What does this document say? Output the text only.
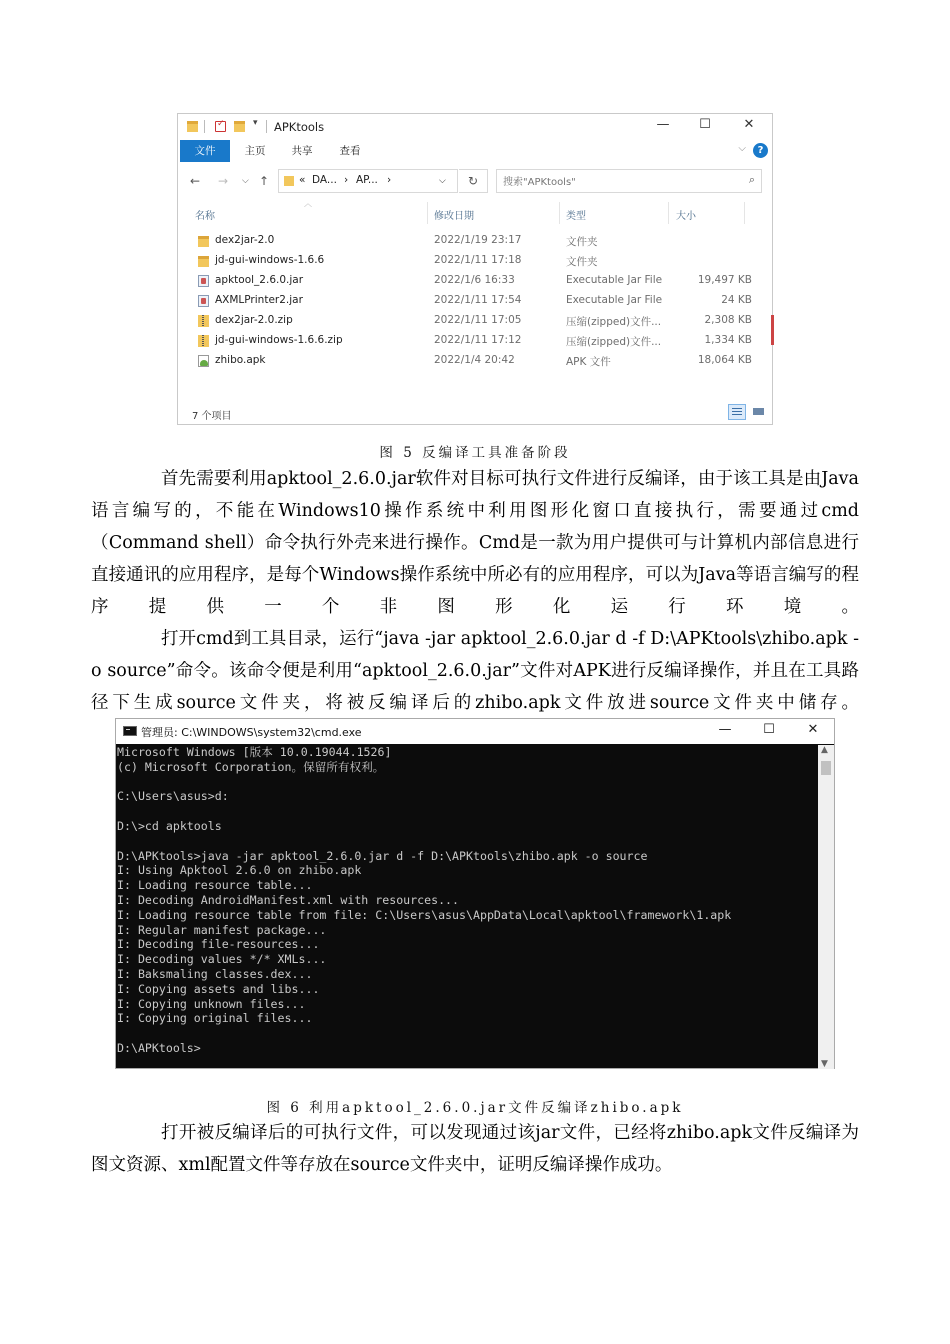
✓
▾ APKtools	—	☐	✕
文件	主页 共享	查看	⌵	?
← → ⌵ ↑	« DA... › AP... ›	⌵	↻
搜索"APKtools"	⌕
︿
名称	修改日期	类型	大小
dex2jar-2.0	2022/1/19 23:17	文件夹
jd-gui-windows-1.6.6	2022/1/11 17:18	文件夹
apktool_2.6.0.jar	2022/1/6 16:33	Executable Jar File	19,497 KB
AXMLPrinter2.jar	2022/1/11 17:54	Executable Jar File	24 KB
dex2jar-2.0.zip	2022/1/11 17:05	压缩(zipped)文件...	2,308 KB
jd-gui-windows-1.6.6.zip	2022/1/11 17:12	压缩(zipped)文件...	1,334 KB
zhibo.apk	2022/1/4 20:42	APK 文件	18,064 KB
7 个项目
图 5 反编译工具准备阶段
首先需要利用apktool_2.6.0.jar软件对目标可执行文件进行反编译，由于该工具是由Java语言编写的，不能在Windows10操作系统中利用图形化窗口直接执行，需要通过cmd（Command shell）命令执行外壳来进行操作。Cmd是一款为用户提供可与计算机内部信息进行直接通讯的应用程序，是每个Windows操作系统中所必有的应用程序，可以为Java等语言编写的程序提供一个非图形化运行环境。
打开cmd到工具目录，运行“java -jar apktool_2.6.0.jar d -f D:\APKtools\zhibo.apk -o source”命令。该命令便是利用“apktool_2.6.0.jar”文件对APK进行反编译操作，并且在工具路径下生成source文件夹，将被反编译后的zhibo.apk文件放进source文件夹中储存。
管理员: C:\WINDOWS\system32\cmd.exe	—	☐	✕
Microsoft Windows [版本 10.0.19044.1526]
(c) Microsoft Corporation。保留所有权利。
C:\Users\asus>d:
D:\>cd apktools
D:\APKtools>java -jar apktool_2.6.0.jar d -f D:\APKtools\zhibo.apk -o source
I: Using Apktool 2.6.0 on zhibo.apk
I: Loading resource table...
I: Decoding AndroidManifest.xml with resources...
I: Loading resource table from file: C:\Users\asus\AppData\Local\apktool\framework\1.apk
I: Regular manifest package...
I: Decoding file-resources...
I: Decoding values */* XMLs...
I: Baksmaling classes.dex...
I: Copying assets and libs...
I: Copying unknown files...
I: Copying original files...
D:\APKtools>
▲
▼
图 6 利用apktool_2.6.0.jar文件反编译zhibo.apk
打开被反编译后的可执行文件，可以发现通过该jar文件，已经将zhibo.apk文件反编译为图文资源、xml配置文件等存放在source文件夹中，证明反编译操作成功。
